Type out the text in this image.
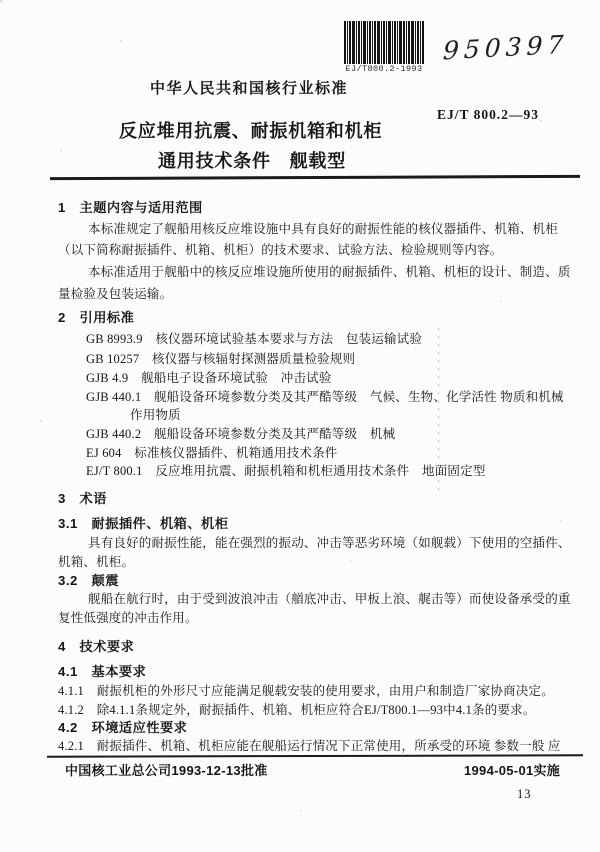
EJ/T800.2-1993
950397
中华人民共和国核行业标准
EJ/T 800.2—93
反应堆用抗震、耐振机箱和机柜
通用技术条件　舰载型
1　主题内容与适用范围
本标准规定了舰船用核反应堆设施中具有良好的耐振性能的核仪器插件、机箱、机柜
（以下简称耐振插件、机箱、机柜）的技术要求、试验方法、检验规则等内容。
本标准适用于舰船中的核反应堆设施所使用的耐振插件、机箱、机柜的设计、制造、质
量检验及包装运输。
2　引用标准
GB 8993.9　核仪器环境试验基本要求与方法　包装运输试验
GB 10257　核仪器与核辐射探测器质量检验规则
GJB 4.9　舰船电子设备环境试验　冲击试验
GJB 440.1　舰船设备环境参数分类及其严酷等级　气候、生物、化学活性 物质和机械
作用物质
GJB 440.2　舰船设备环境参数分类及其严酷等级　机械
EJ 604　标准核仪器插件、机箱通用技术条件
EJ/T 800.1　反应堆用抗震、耐振机箱和机柜通用技术条件　地面固定型
3　术语
3.1　耐振插件、机箱、机柜
具有良好的耐振性能，能在强烈的振动、冲击等恶劣环境（如舰载）下使用的空插件、
机箱、机柜。
3.2　颠震
舰船在航行时，由于受到波浪冲击（艏底冲击、甲板上浪、艉击等）而使设备承受的重
复性低强度的冲击作用。
4　技术要求
4.1　基本要求
4.1.1　耐振机柜的外形尺寸应能满足舰载安装的使用要求，由用户和制造厂家协商决定。
4.1.2　除4.1.1条规定外，耐振插件、机箱、机柜应符合EJ/T800.1—93中4.1条的要求。
4.2　环境适应性要求
4.2.1　耐振插件、机箱、机柜应能在舰船运行情况下正常使用，所承受的环境 参数一般 应
中国核工业总公司1993-12-13批准	1994-05-01实施
13
